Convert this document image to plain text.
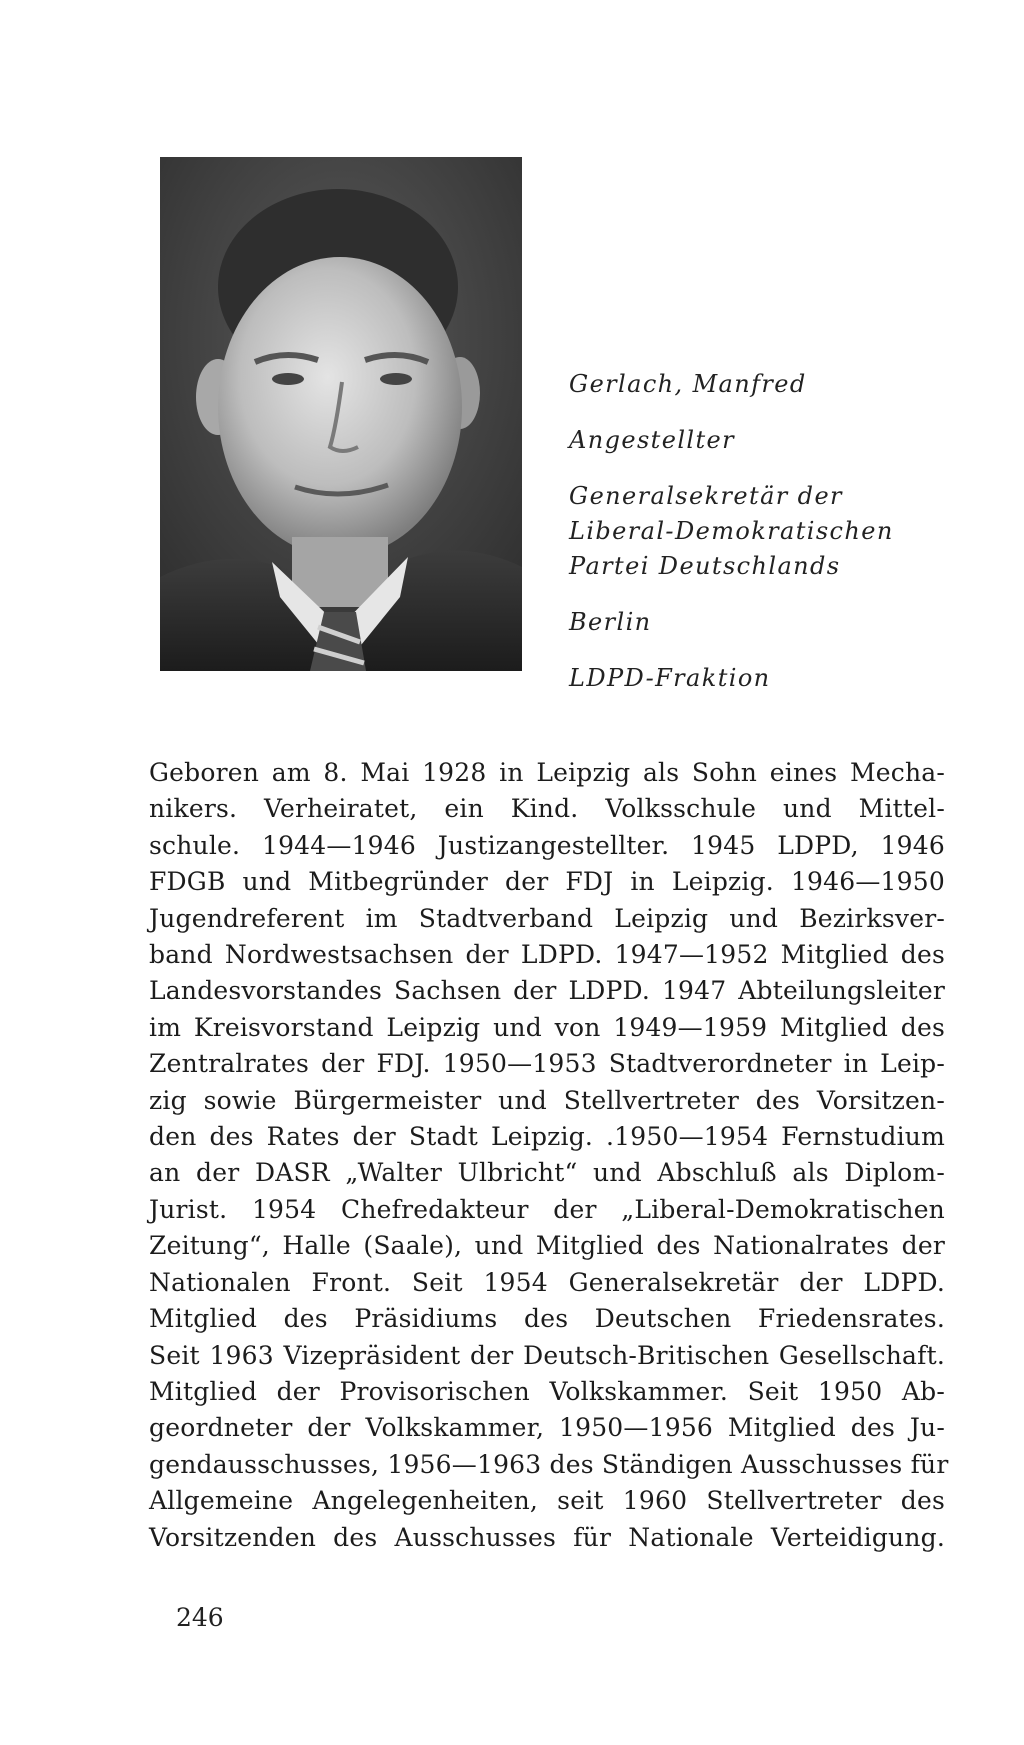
Gerlach, Manfred
Angestellter
Generalsekretär der
Liberal-Demokratischen
Partei Deutschlands
Berlin
LDPD-Fraktion
Geboren am 8. Mai 1928 in Leipzig als Sohn eines Mecha-
nikers. Verheiratet, ein Kind. Volksschule und Mittel-
schule. 1944—1946 Justizangestellter. 1945 LDPD, 1946
FDGB und Mitbegründer der FDJ in Leipzig. 1946—1950
Jugendreferent im Stadtverband Leipzig und Bezirksver-
band Nordwestsachsen der LDPD. 1947—1952 Mitglied des
Landesvorstandes Sachsen der LDPD. 1947 Abteilungsleiter
im Kreisvorstand Leipzig und von 1949—1959 Mitglied des
Zentralrates der FDJ. 1950—1953 Stadtverordneter in Leip-
zig sowie Bürgermeister und Stellvertreter des Vorsitzen-
den des Rates der Stadt Leipzig. .1950—1954 Fernstudium
an der DASR „Walter Ulbricht“ und Abschluß als Diplom-
Jurist. 1954 Chefredakteur der „Liberal-Demokratischen
Zeitung“, Halle (Saale), und Mitglied des Nationalrates der
Nationalen Front. Seit 1954 Generalsekretär der LDPD.
Mitglied des Präsidiums des Deutschen Friedensrates.
Seit 1963 Vizepräsident der Deutsch-Britischen Gesellschaft.
Mitglied der Provisorischen Volkskammer. Seit 1950 Ab-
geordneter der Volkskammer, 1950—1956 Mitglied des Ju-
gendausschusses, 1956—1963 des Ständigen Ausschusses für
Allgemeine Angelegenheiten, seit 1960 Stellvertreter des
Vorsitzenden des Ausschusses für Nationale Verteidigung.
246
